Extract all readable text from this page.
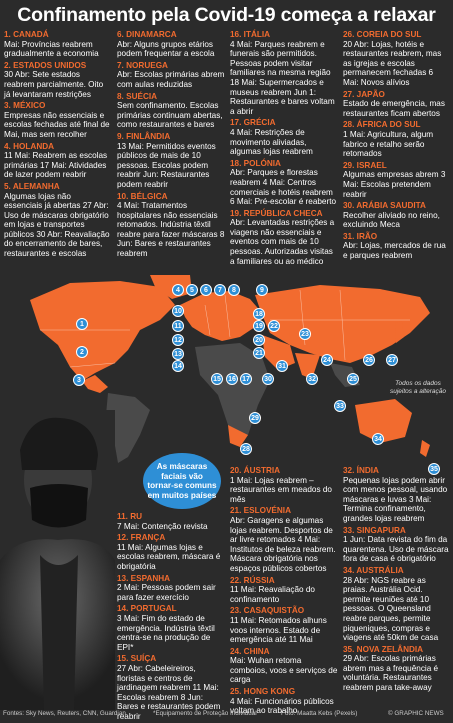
Confinamento pela Covid-19 começa a relaxar
1. CANADÁ
Mai: Províncias reabrem gradualmente a economia
2. ESTADOS UNIDOS
30 Abr: Sete estados reabrem parcialmente. Oito já levantaram restrições
3. MÉXICO
Empresas não essenciais e escolas fechadas até final de Mai, mas sem recolher
4. HOLANDA
11 Mai: Reabrem as escolas primárias 17 Mai: Atividades de lazer podem reabrir
5. ALEMANHA
Algumas lojas não essenciais já abertas 27 Abr: Uso de máscaras obrigatório em lojas e transportes públicos 30 Abr: Reavaliação do encerramento de bares, restaurantes e escolas
6. DINAMARCA
Abr: Alguns grupos etários podem frequentar a escola
7. NORUEGA
Abr: Escolas primárias abrem com aulas reduzidas
8. SUÉCIA
Sem confinamento. Escolas primárias continuam abertas, como restaurantes e bares
9. FINLÂNDIA
13 Mai: Permitidos eventos públicos de mais de 10 pessoas. Escolas podem reabrir Jun: Restaurantes podem reabrir
10. BÉLGICA
4 Mai: Tratamentos hospitalares não essenciais retomados. Indústria têxtil reabre para fazer máscaras 8 Jun: Bares e restaurantes reabrem
16. ITÁLIA
4 Mai: Parques reabrem e funerais são permitidos. Pessoas podem visitar familiares na mesma região 18 Mai: Supermercados e museus reabrem Jun 1: Restaurantes e bares voltam a abrir
17. GRÉCIA
4 Mai: Restrições de movimento aliviadas, algumas lojas reabrem
18. POLÓNIA
Abr: Parques e florestas reabrem 4 Mai: Centros comerciais e hotéis reabrem 6 Mai: Pré-escolar é reaberto
19. REPÚBLICA CHECA
Abr: Levantadas restrições a viagens não essenciais e eventos com mais de 10 pessoas. Autorizadas visitas a familiares ou ao médico
26. COREIA DO SUL
20 Abr: Lojas, hotéis e restaurantes reabrem, mas as igrejas e escolas permanecem fechadas 6 Mai: Novos alívios
27. JAPÃO
Estado de emergência, mas restaurantes ficam abertos
28. ÁFRICA DO SUL
1 Mai: Agricultura, algum fabrico e retalho serão retomados
29. ISRAEL
Algumas empresas abrem 3 Mai: Escolas pretendem reabrir
30. ARÁBIA SAUDITA
Recolher aliviado no reino, excluindo Meca
31. IRÃO
Abr: Lojas, mercados de rua e parques reabrem
1
2
3
4	5	6	7	8	9
10
11
12
13
14
15	16 17
18
19
20
21
22
23
24
25
26	27
28
29
30
31
32
33
34
35
Todos os dados sujeitos a alteração
As máscaras faciais vão tornar-se comuns em muitos países
11. RU
7 Mai: Contenção revista
12. FRANÇA
11 Mai: Algumas lojas e escolas reabrem, máscara é obrigatória
13. ESPANHA
2 Mai: Pessoas podem sair para fazer exercício
14. PORTUGAL
3 Mai: Fim do estado de emergência. Indústria têxtil centra-se na produção de EPI*
15. SUÍÇA
27 Abr: Cabeleireiros, floristas e centros de jardinagem reabrem 11 Mai: Escolas reabrem 8 Jun: Bares e restaurantes podem reabrir
20. ÁUSTRIA
1 Mai: Lojas reabrem – restaurantes em meados do mês
21. ESLOVÉNIA
Abr: Garagens e algumas lojas reabrem. Desportos de ar livre retomados 4 Mai: Institutos de beleza reabrem. Máscara obrigatória nos espaços públicos cobertos
22. RÚSSIA
11 Mai: Reavaliação do confinamento
23. CASAQUISTÃO
11 Mai: Retomados alhuns voos internos. Estado de emergência até 11 Mai
24. CHINA
Mai: Wuhan retoma comboios, voos e serviços de carga
25. HONG KONG
4 Mai: Funcionários públicos voltam ao trabalho
32. ÍNDIA
Pequenas lojas podem abrir com menos pessoal, usando máscaras e luvas 3 Mai: Termina confinamento, grandes lojas reabrem
33. SINGAPURA
1 Jun: Data revista do fim da quarentena. Uso de máscara fora de casa é obrigatório
34. AUSTRÁLIA
28 Abr: NGS reabre as praias. Austrália Ocid. permite reuniões até 10 pessoas. O Queensland reabre parques, permite piqueniques, compras e viagens até 50km de casa
35. NOVA ZELÂNDIA
29 Abr: Escolas primárias abrem mas a frequência é voluntária. Restaurantes reabrem para take-away
Fontes: Sky News, Reuters, CNN, Guardian	*Equipamento de Proteção Individual	Foto: Maatta Kebs (Pexels)	© GRAPHIC NEWS
